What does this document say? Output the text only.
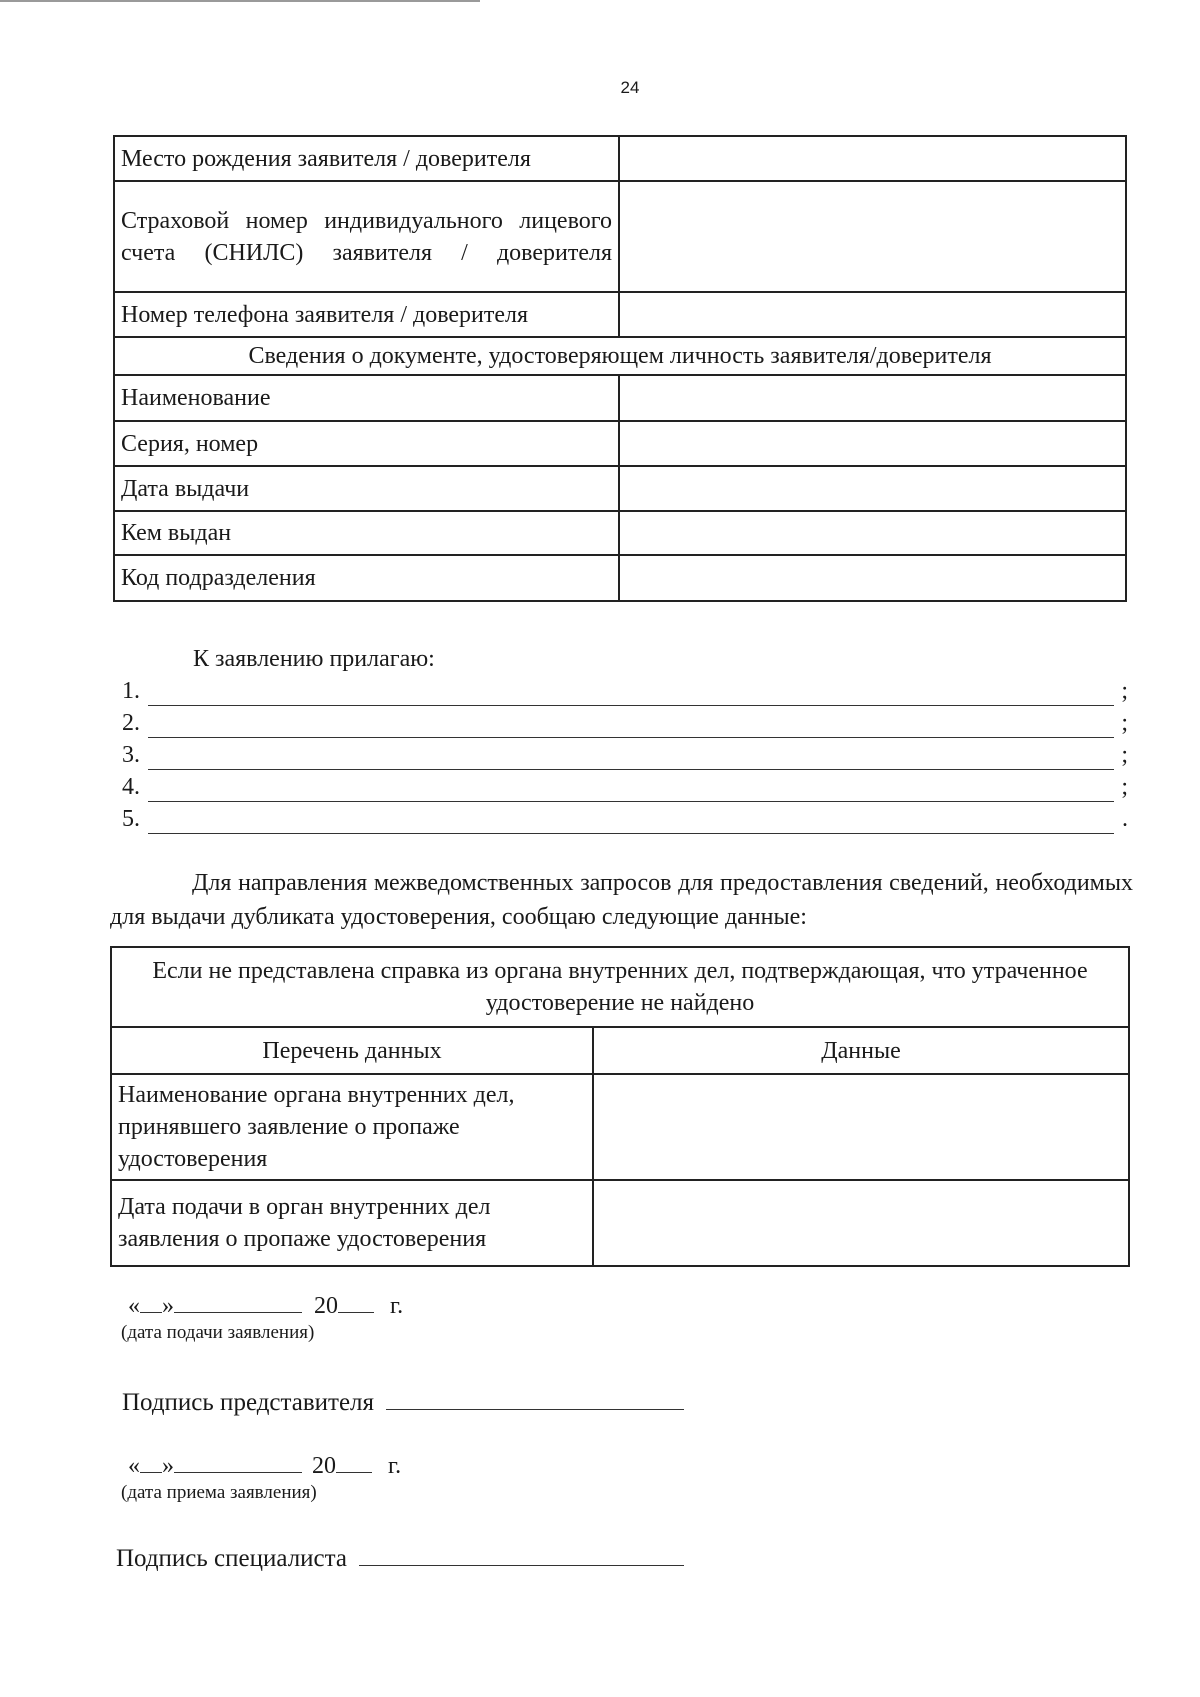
24
Место рождения заявителя / доверителя	
Страховой номер индивидуального лицевого счета (СНИЛС) заявителя / доверителя	
Номер телефона заявителя / доверителя	
Сведения о документе, удостоверяющем личность заявителя/доверителя	
Наименование	
Серия, номер	
Дата выдачи	
Кем выдан	
Код подразделения	
К заявлению прилагаю:
1.	;
2.	;
3.	;
4.	;
5.	.
Для направления межведомственных запросов для предоставления сведений, необходимых для выдачи дубликата удостоверения, сообщаю следующие данные:
Если не представлена справка из органа внутренних дел, подтверждающая, что утраченное удостоверение не найдено	
Перечень данных	Данные
Наименование органа внутренних дел, принявшего заявление о пропаже удостоверения	
Дата подачи в орган внутренних дел заявления о пропаже удостоверения	
« »	20 г.
(дата подачи заявления)
Подпись представителя
« »	20 г.
(дата приема заявления)
Подпись специалиста
